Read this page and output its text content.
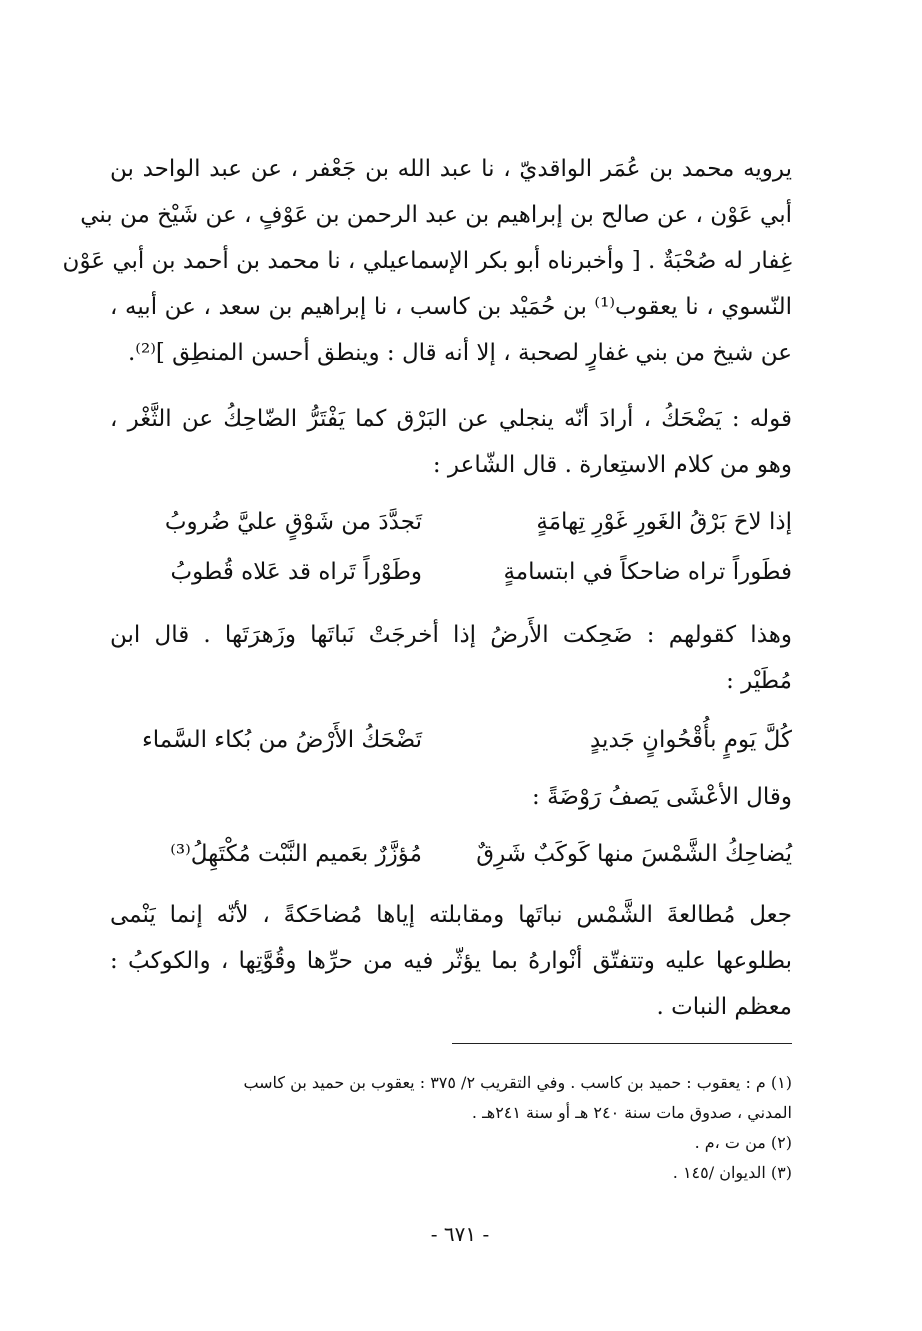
يرويه محمد بن عُمَر الواقديّ ، نا عبد الله بن جَعْفر ، عن عبد الواحد بن
أبي عَوْن ، عن صالح بن إبراهيم بن عبد الرحمن بن عَوْفٍ ، عن شَيْخ من بني
غِفار له صُحْبَةٌ . [ وأخبرناه أبو بكر الإسماعيلي ، نا محمد بن أحمد بن أبي عَوْن
النّسوي ، نا يعقوب⁽¹⁾ بن حُمَيْد بن كاسب ، نا إبراهيم بن سعد ، عن أبيه ،
عن شيخ من بني غفارٍ لصحبة ، إلا أنه قال : وينطق أحسن المنطِق ]⁽²⁾.
قوله : يَضْحَكُ ، أرادَ أنّه ينجلي عن البَرْق كما يَفْتَرُّ الضّاحِكُ عن الثَّغْر ،
وهو من كلام الاستِعارة . قال الشّاعر :
إذا لاحَ بَرْقُ الغَورِ غَوْرِ تِهامَةٍ
تَجدَّدَ من شَوْقٍ عليَّ ضُروبُ
فطَوراً تراه ضاحكاً في ابتسامةٍ
وطَوْراً تَراه قد عَلاه قُطوبُ
وهذا كقولهم : ضَحِكت الأَرضُ إذا أخرجَتْ نَباتَها وزَهرَتَها . قال ابن
مُطَيْر :
كُلَّ يَومٍ بأُقْحُوانٍ جَديدٍ
تَضْحَكُ الأَرْضُ من بُكاء السَّماء
وقال الأعْشَى يَصفُ رَوْضَةً :
يُضاحِكُ الشَّمْسَ منها كَوكَبٌ شَرِقٌ
مُؤزَّرٌ بعَميم النَّبْت مُكْتَهِلُ⁽³⁾
جعل مُطالعةَ الشَّمْس نباتَها ومقابلته إياها مُضاحَكةً ، لأنّه إنما يَنْمى
بطلوعها عليه وتتفتّق أنْوارهُ بما يؤثّر فيه من حرِّها وقُوَّتِها ، والكوكبُ :
معظم النبات .
(١) م : يعقوب : حميد بن كاسب . وفي التقريب ٢/ ٣٧٥ : يعقوب بن حميد بن كاسب
المدني ، صدوق مات سنة ٢٤٠ هـ أو سنة ٢٤١هـ .
(٢) من ت ،م .
(٣) الديوان /١٤٥ .
- ٦٧١ -
